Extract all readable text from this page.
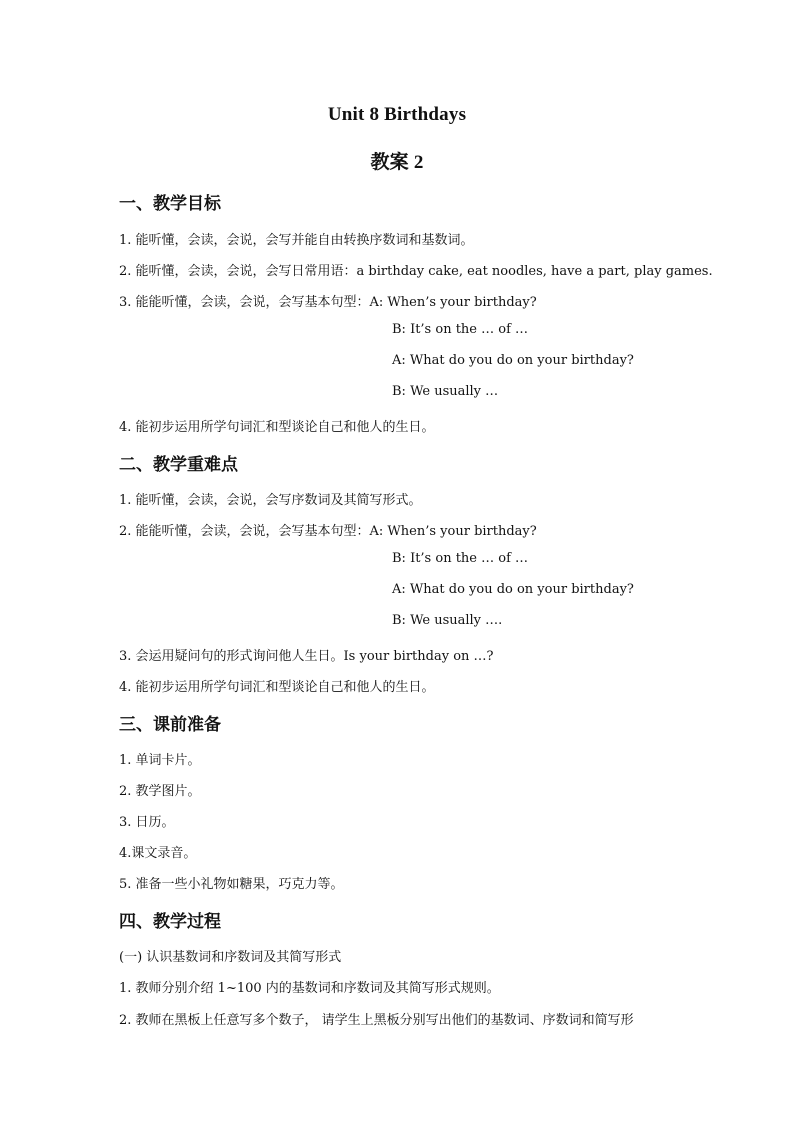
Unit 8 Birthdays
教案 2
一、教学目标
1. 能听懂，会读，会说，会写并能自由转换序数词和基数词。
2. 能听懂，会读，会说，会写日常用语：a birthday cake, eat noodles, have a part, play games.
3. 能能听懂，会读，会说，会写基本句型：A: When’s your birthday?
B: It’s on the … of …
A: What do you do on your birthday?
B: We usually …
4. 能初步运用所学句词汇和型谈论自己和他人的生日。
二、教学重难点
1. 能听懂，会读，会说，会写序数词及其简写形式。
2. 能能听懂，会读，会说，会写基本句型：A: When’s your birthday?
B: It’s on the … of …
A: What do you do on your birthday?
B: We usually ….
3. 会运用疑问句的形式询问他人生日。Is your birthday on …?
4. 能初步运用所学句词汇和型谈论自己和他人的生日。
三、课前准备
1. 单词卡片。
2. 教学图片。
3. 日历。
4.课文录音。
5. 准备一些小礼物如糖果，巧克力等。
四、教学过程
(一) 认识基数词和序数词及其简写形式
1. 教师分别介绍 1~100 内的基数词和序数词及其简写形式规则。
2. 教师在黑板上任意写多个数子， 请学生上黑板分别写出他们的基数词、序数词和简写形
